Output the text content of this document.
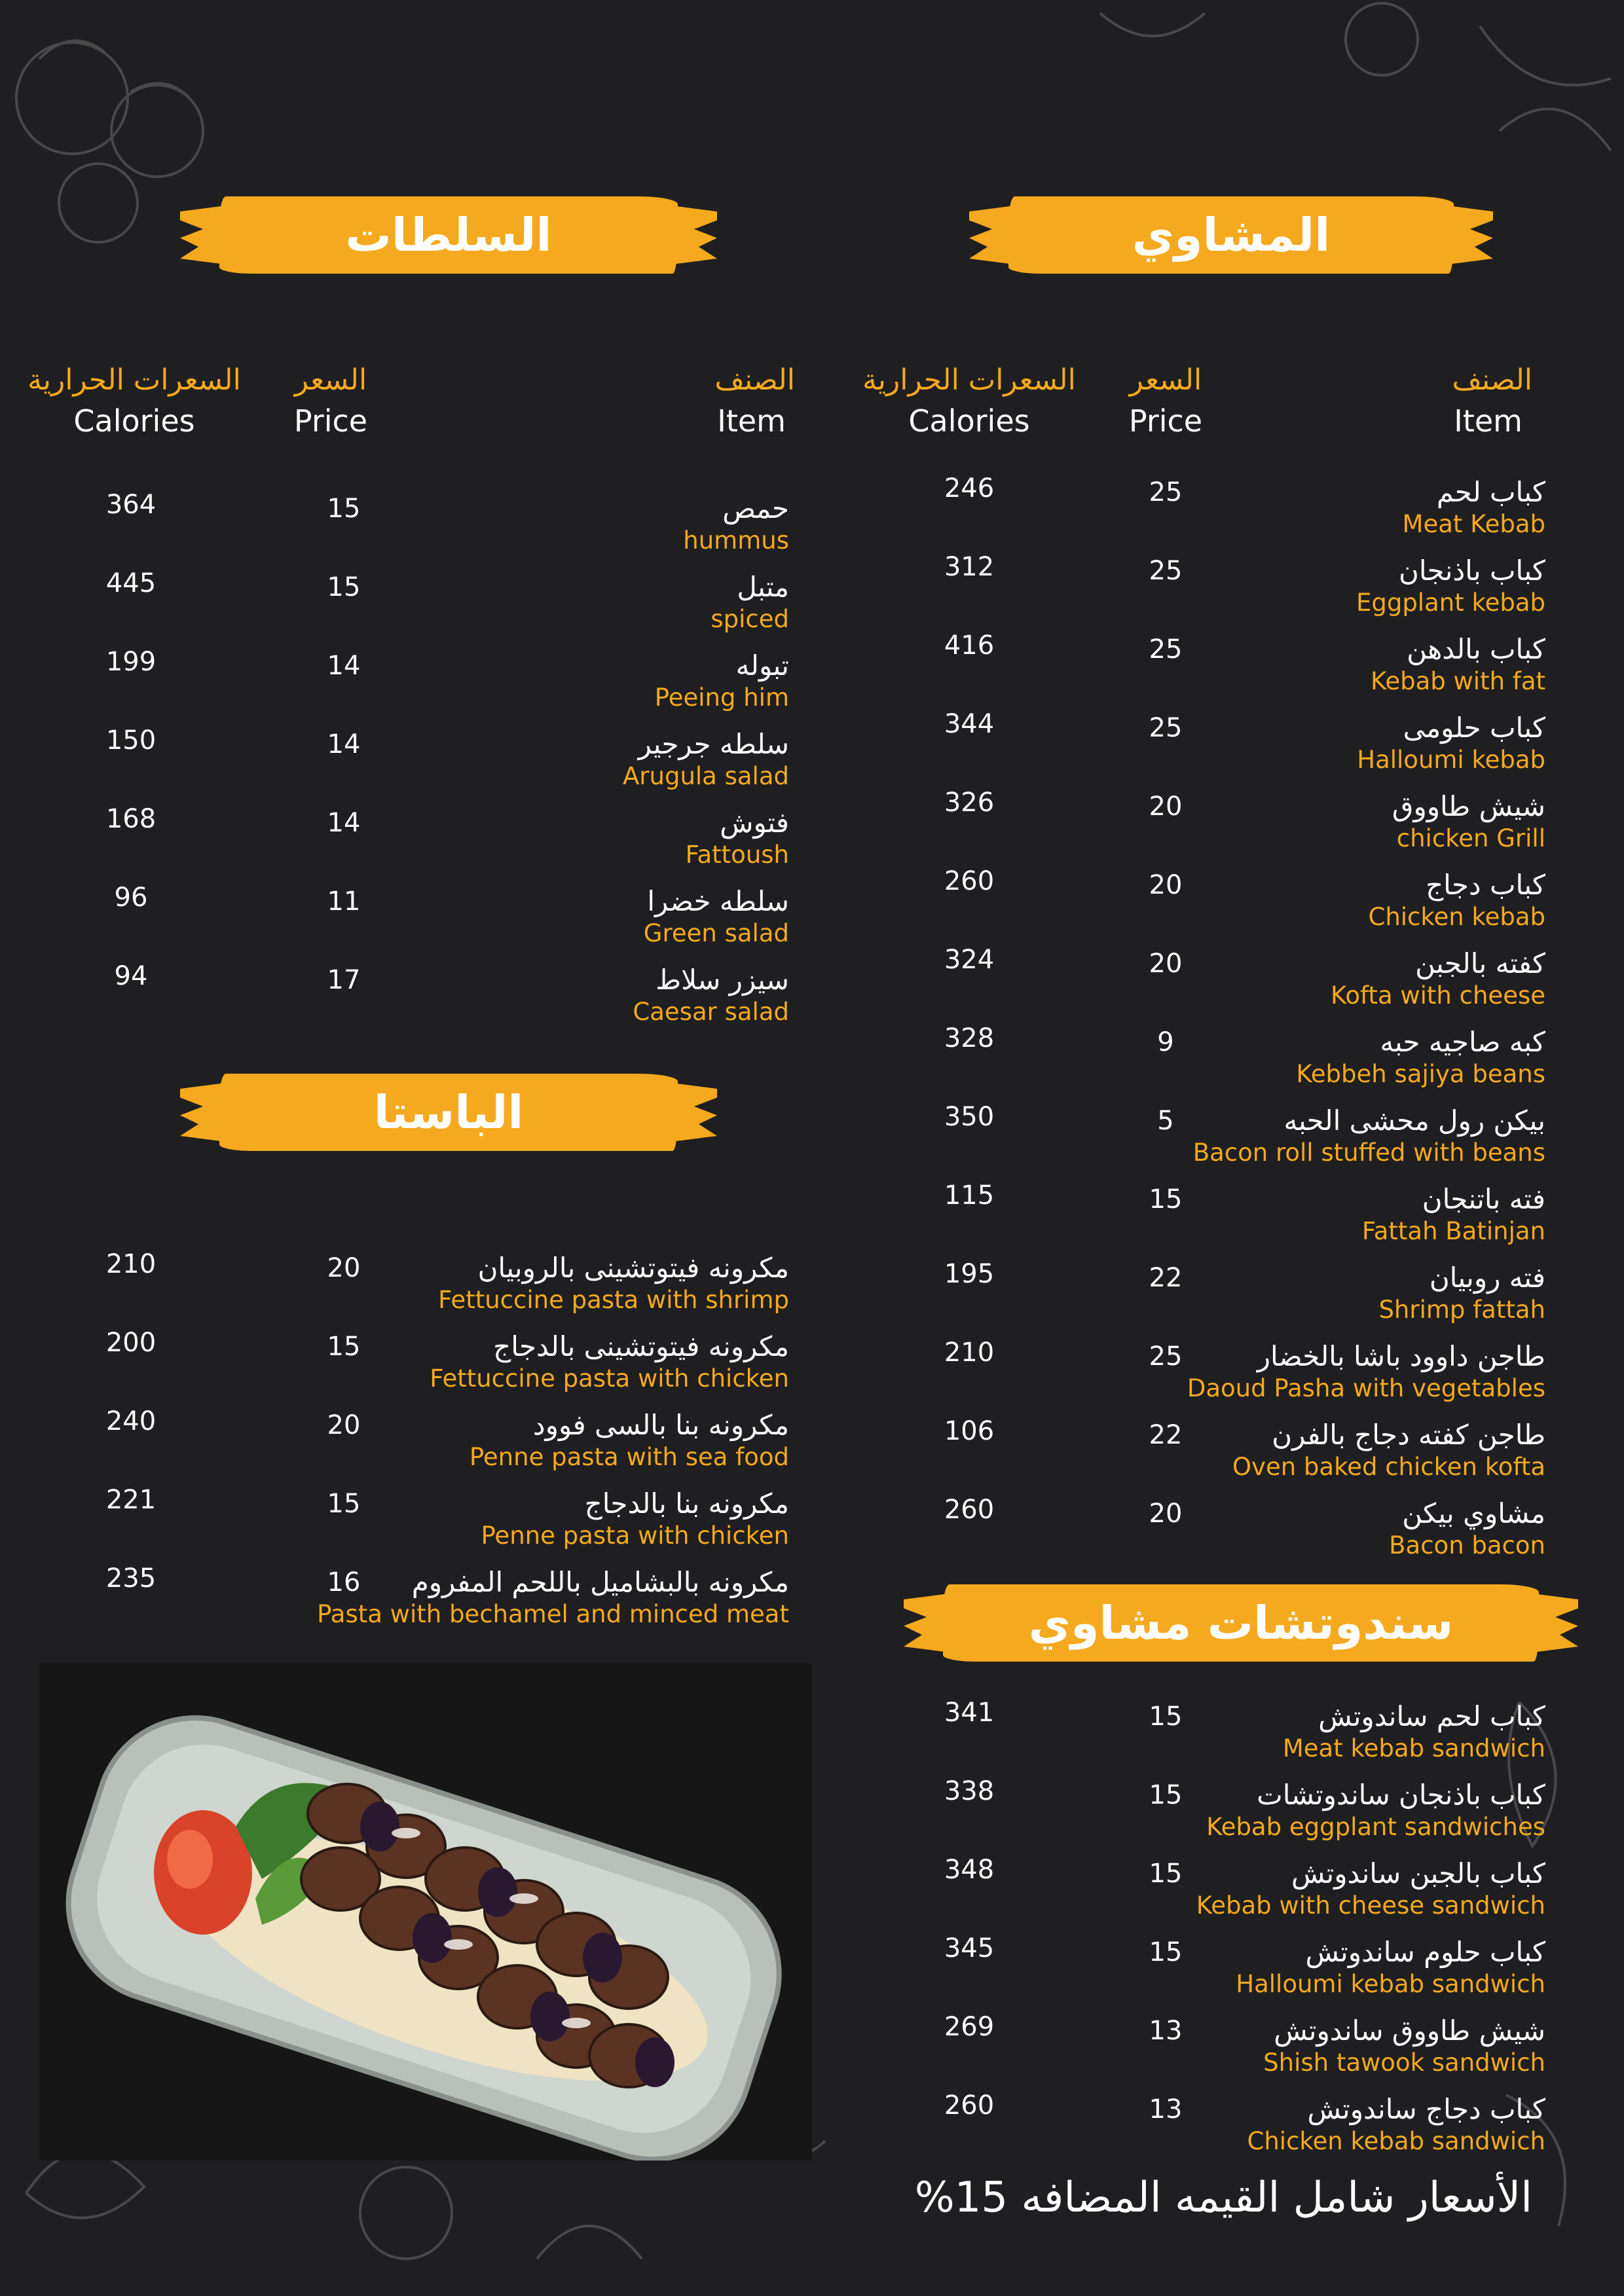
المشاوي
السلطات
الباستا
سندوتشات مشاوي
الصنف
Item
السعر
Price
السعرات الحرارية
Calories
الصنف
Item
السعر
Price
السعرات الحرارية
Calories
كباب لحم
Meat Kebab
25
246
كباب باذنجان
Eggplant kebab
25
312
كباب بالدهن
Kebab with fat
25
416
كباب حلومى
Halloumi kebab
25
344
شيش طاووق
chicken Grill
20
326
كباب دجاج
Chicken kebab
20
260
كفته بالجبن
Kofta with cheese
20
324
كبه صاجيه حبه
Kebbeh sajiya beans
9
328
بيكن رول محشى الحبه
Bacon roll stuffed with beans
5
350
فته باتنجان
Fattah Batinjan
15
115
فته روبيان
Shrimp fattah
22
195
طاجن داوود باشا بالخضار
Daoud Pasha with vegetables
25
210
طاجن كفته دجاج بالفرن
Oven baked chicken kofta
22
106
مشاوي بيكن
Bacon bacon
20
260
حمص
hummus
15
364
متبل
spiced
15
445
تبوله
Peeing him
14
199
سلطه جرجير
Arugula salad
14
150
فتوش
Fattoush
14
168
سلطه خضرا
Green salad
11
96
سيزر سلاط
Caesar salad
17
94
مكرونه فيتوتشينى بالروبيان
Fettuccine pasta with shrimp
20
210
مكرونه فيتوتشينى بالدجاج
Fettuccine pasta with chicken
15
200
مكرونه بنا بالسى فوود
Penne pasta with sea food
20
240
مكرونه بنا بالدجاج
Penne pasta with chicken
15
221
مكرونه بالبشاميل باللحم المفروم
Pasta with bechamel and minced meat
16
235
كباب لحم ساندوتش
Meat kebab sandwich
15
341
كباب باذنجان ساندوتشات
Kebab eggplant sandwiches
15
338
كباب بالجبن ساندوتش
Kebab with cheese sandwich
15
348
كباب حلوم ساندوتش
Halloumi kebab sandwich
15
345
شيش طاووق ساندوتش
Shish tawook sandwich
13
269
كباب دجاج ساندوتش
Chicken kebab sandwich
13
260
الأسعار شامل القيمه المضافه 15%
